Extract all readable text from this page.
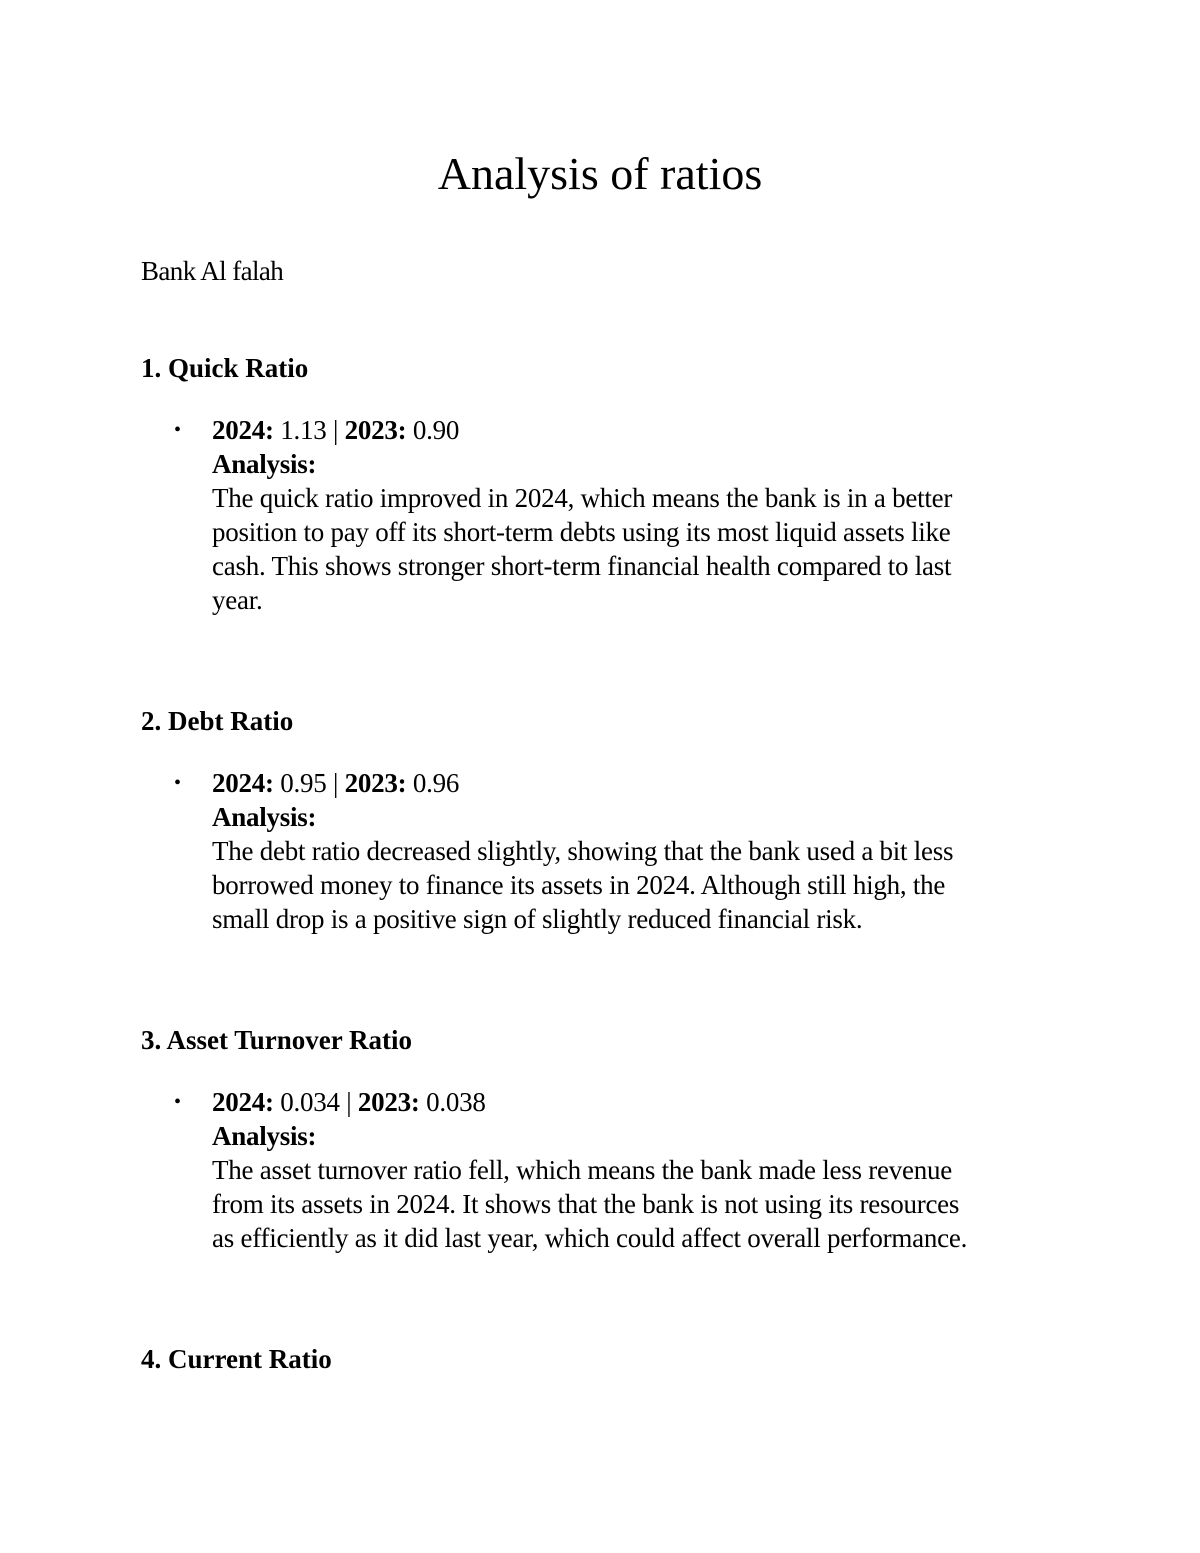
Analysis of ratios

Bank Al falah

1. Quick Ratio
• 2024: 1.13 | 2023: 0.90
Analysis:
The quick ratio improved in 2024, which means the bank is in a better
position to pay off its short-term debts using its most liquid assets like
cash. This shows stronger short-term financial health compared to last
year.
2. Debt Ratio
• 2024: 0.95 | 2023: 0.96
Analysis:
The debt ratio decreased slightly, showing that the bank used a bit less
borrowed money to finance its assets in 2024. Although still high, the
small drop is a positive sign of slightly reduced financial risk.
3. Asset Turnover Ratio
• 2024: 0.034 | 2023: 0.038
Analysis:
The asset turnover ratio fell, which means the bank made less revenue
from its assets in 2024. It shows that the bank is not using its resources
as efficiently as it did last year, which could affect overall performance.
4. Current Ratio
